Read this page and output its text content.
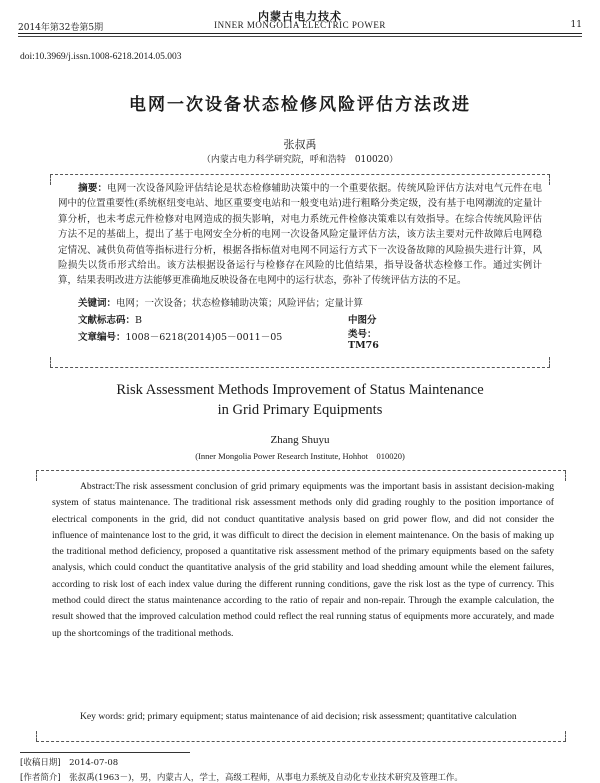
内蒙古电力技术
2014年第32卷第5期	INNER MONGOLIA ELECTRIC POWER	11
doi:10.3969/j.issn.1008-6218.2014.05.003
电网一次设备状态检修风险评估方法改进
张叔禹
（内蒙古电力科学研究院，呼和浩特　010020）
摘要：电网一次设备风险评估结论是状态检修辅助决策中的一个重要依据。传统风险评估方法对电气元件在电网中的位置重要性(系统枢纽变电站、地区重要变电站和一般变电站)进行粗略分类定级，没有基于电网潮流的定量计算分析，也未考虑元件检修对电网造成的损失影响，对电力系统元件检修决策难以有效指导。在综合传统风险评估方法不足的基础上，提出了基于电网安全分析的电网一次设备风险定量评估方法，该方法主要对元件故障后电网稳定情况、减供负荷值等指标进行分析，根据各指标值对电网不同运行方式下一次设备故障的风险损失进行计算，风险损失以货币形式给出。该方法根据设备运行与检修存在风险的比值结果，指导设备状态检修工作。通过实例计算，结果表明改进方法能够更准确地反映设备在电网中的运行状态，弥补了传统评估方法的不足。
关键词：电网；一次设备；状态检修辅助决策；风险评估；定量计算
文献标志码：B	中图分类号：TM76
文章编号：1008－6218(2014)05－0011－05
Risk Assessment Methods Improvement of Status Maintenance
in Grid Primary Equipments
Zhang Shuyu
(Inner Mongolia Power Research Institute, Hohhot　010020)
Abstract:The risk assessment conclusion of grid primary equipments was the important basis in assistant decision-making system of status maintenance. The traditional risk assessment methods only did grading roughly to the position importance of electrical components in the grid, did not conduct quantitative analysis based on grid power flow, and did not consider the influence of maintenance lost to the grid, it was difficult to direct the decision in element maintenance. On the basis of making up the traditional method deficiency, proposed a quantitative risk assessment method of the primary equipments based on the safety analysis, which could conduct the quantitative analysis of the grid stability and load shedding amount while the element failures, according to risk lost of each index value during the different running conditions, gave the risk lost as the type of currency. This method could direct the status maintenance according to the ratio of repair and non-repair. Through the example calculation, the result showed that the improved calculation method could reflect the real running status of equipments more accurately, and made up the shortcomings of the traditional methods.
Key words: grid; primary equipment; status maintenance of aid decision; risk assessment; quantitative calculation
[收稿日期]　2014-07-08
[作者简介]　张叔禹(1963－)，男，内蒙古人，学士，高级工程师，从事电力系统及自动化专业技术研究及管理工作。
